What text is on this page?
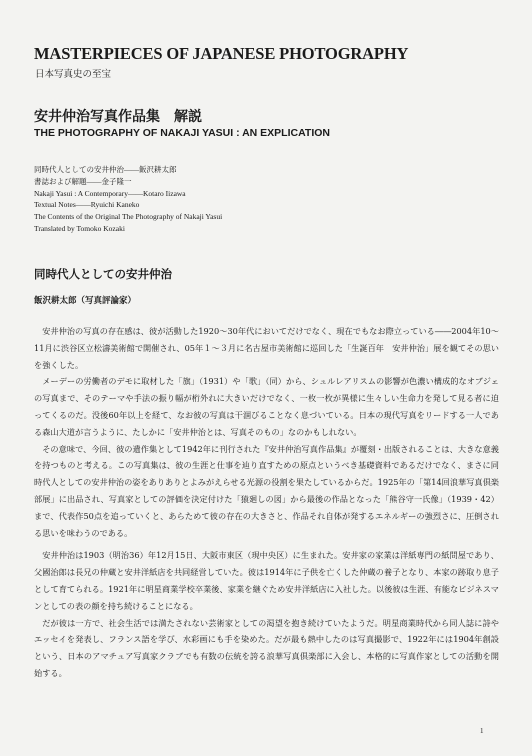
MASTERPIECES OF JAPANESE PHOTOGRAPHY
日本写真史の至宝
安井仲治写真作品集　解説
THE PHOTOGRAPHY OF NAKAJI YASUI : AN EXPLICATION
同時代人としての安井仲治――飯沢耕太郎
書誌および解題――金子隆一
Nakaji Yasui : A Contemporary――Kotaro Iizawa
Textual Notes――Ryuichi Kaneko
The Contents of the Original The Photography of Nakaji Yasui
Translated by Tomoko Kozaki
同時代人としての安井仲治
飯沢耕太郎（写真評論家）

安井仲治の写真の存在感は、彼が活動した1920〜30年代においてだけでなく、現在でもなお際立っている――2004年10〜11月に渋谷区立松濤美術館で開催され、05年１〜３月に名古屋市美術館に巡回した「生誕百年　安井仲治」展を観てその思いを強くした。

メーデーの労働者のデモに取材した「旗」（1931）や「歌」（同）から、シュルレアリスムの影響が色濃い構成的なオブジェの写真まで、そのテーマや手法の振り幅が桁外れに大きいだけでなく、一枚一枚が異様に生々しい生命力を発して見る者に迫ってくるのだ。没後60年以上を経て、なお彼の写真は干涸びることなく息づいている。日本の現代写真をリードする一人である森山大道が言うように、たしかに「安井仲治とは、写真そのもの」なのかもしれない。

その意味で、今回、彼の遺作集として1942年に刊行された『安井仲治写真作品集』が覆刻・出版されることは、大きな意義を持つものと考える。この写真集は、彼の生涯と仕事を辿り直すための原点というべき基礎資料であるだけでなく、まさに同時代人としての安井仲治の姿をありありとよみがえらせる光源の役割を果たしているからだ。1925年の「第14回浪華写真倶楽部展」に出品され、写真家としての評価を決定付けた「猿廻しの図」から最後の作品となった「熊谷守一氏像」（1939・42）まで、代表作50点を追っていくと、あらためて彼の存在の大きさと、作品それ自体が発するエネルギーの強烈さに、圧倒される思いを味わうのである。

安井仲治は1903（明治36）年12月15日、大阪市東区（現中央区）に生まれた。安井家の家業は洋紙専門の紙問屋であり、父國治郎は長兄の仲蔵と安井洋紙店を共同経営していた。彼は1914年に子供を亡くした仲蔵の養子となり、本家の跡取り息子として育てられる。1921年に明星商業学校卒業後、家業を継ぐため安井洋紙店に入社した。以後彼は生涯、有能なビジネスマンとしての表の顔を持ち続けることになる。

だが彼は一方で、社会生活では満たされない芸術家としての渇望を抱き続けていたようだ。明星商業時代から同人誌に詩やエッセイを発表し、フランス語を学び、水彩画にも手を染めた。だが最も熱中したのは写真撮影で、1922年には1904年創設という、日本のアマチュア写真家クラブでも有数の伝統を誇る浪華写真倶楽部に入会し、本格的に写真作家としての活動を開始する。

1
